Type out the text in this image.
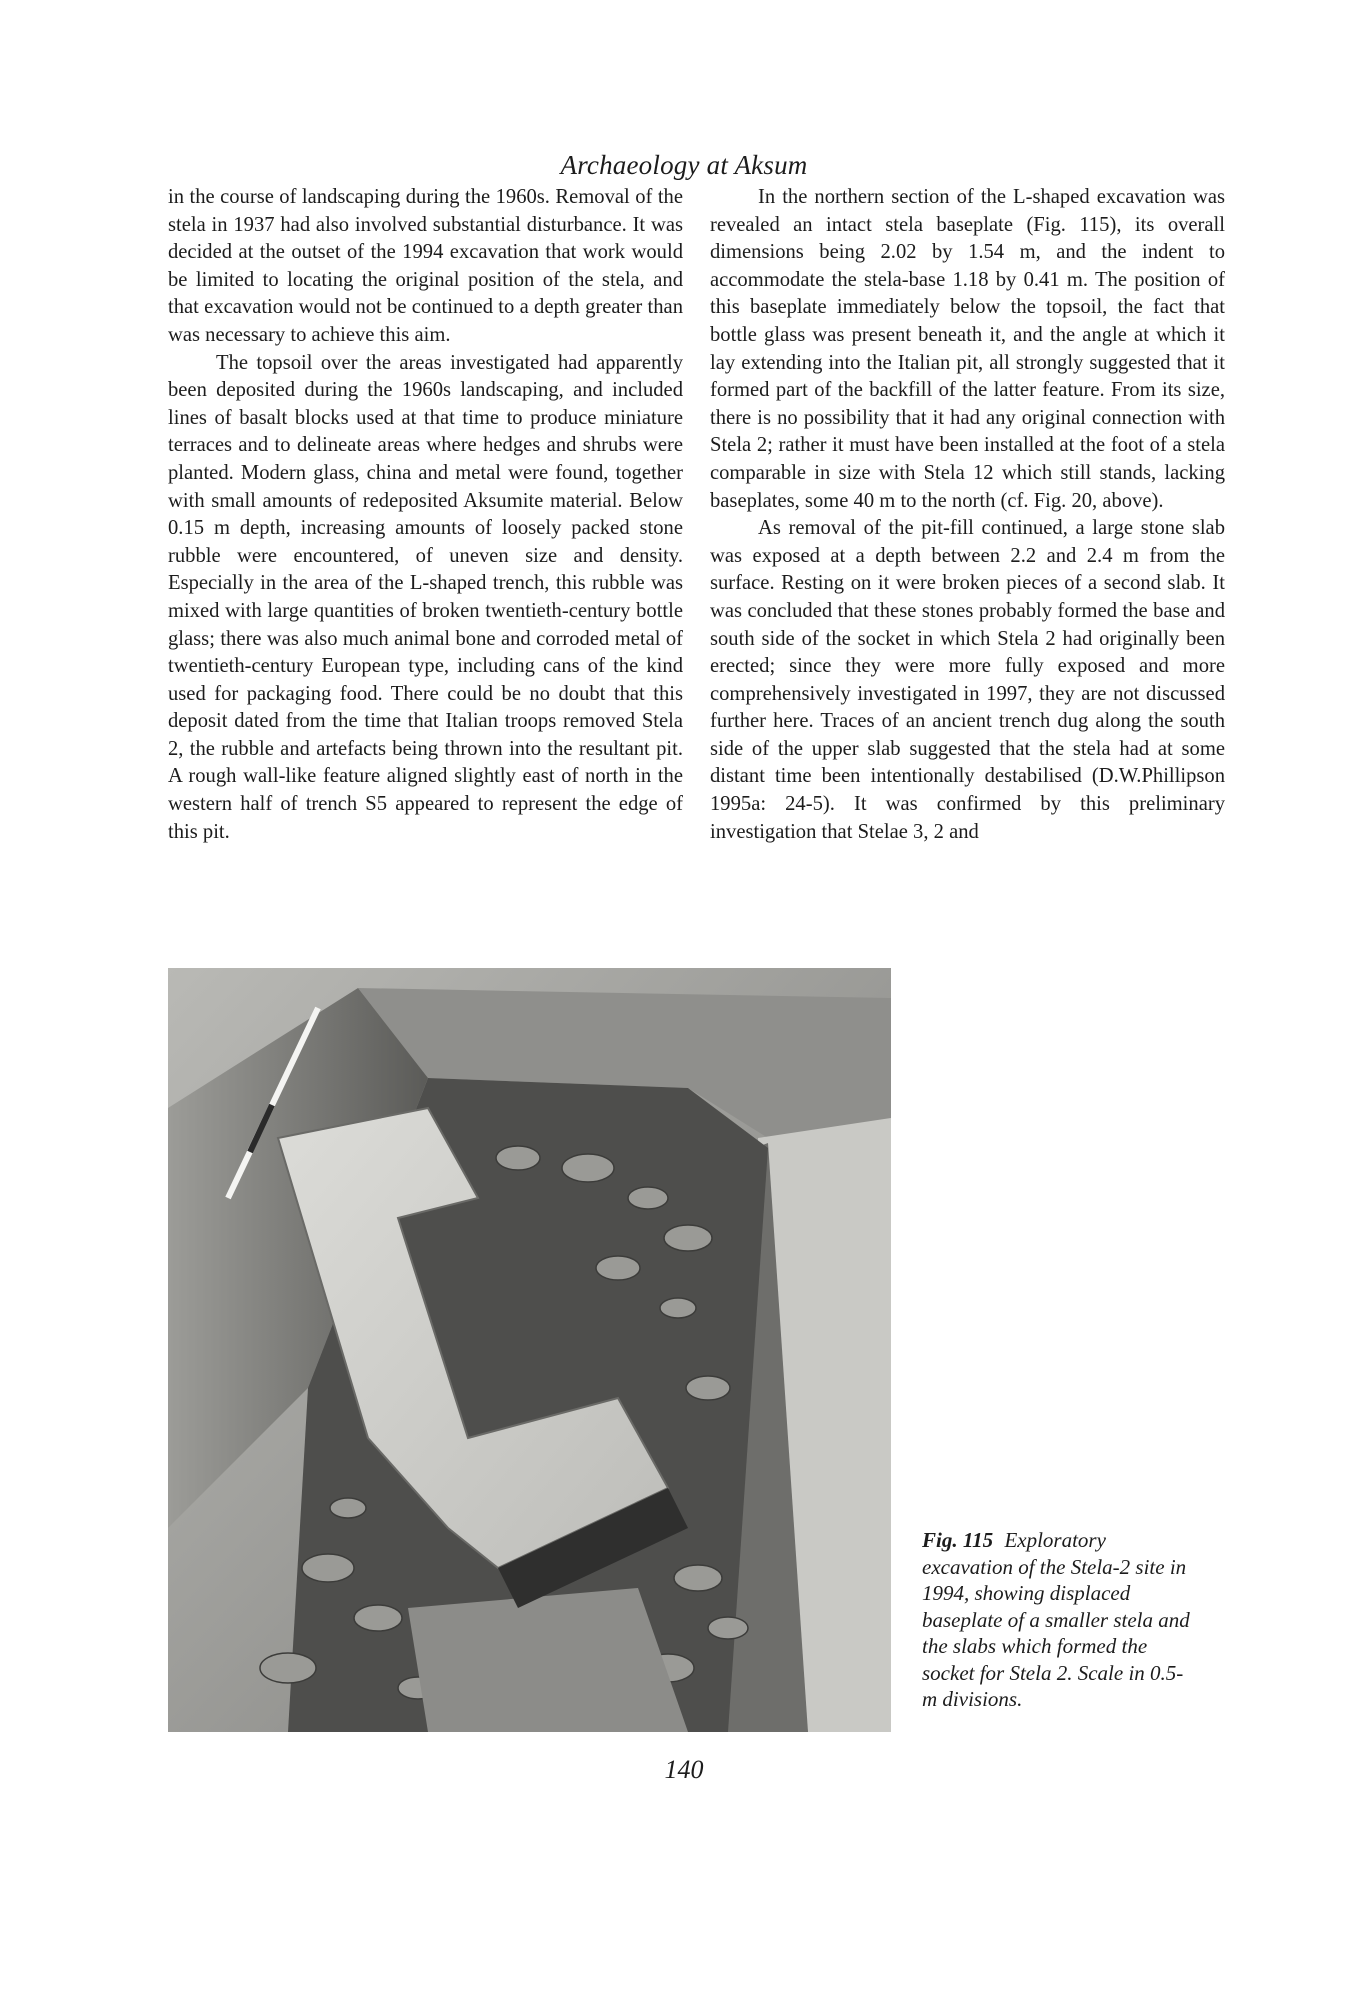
Archaeology at Aksum

in the course of landscaping during the 1960s. Removal of the stela in 1937 had also involved substantial disturbance. It was decided at the outset of the 1994 excavation that work would be limited to locating the original position of the stela, and that excavation would not be continued to a depth greater than was necessary to achieve this aim.

The topsoil over the areas investigated had apparently been deposited during the 1960s landscaping, and included lines of basalt blocks used at that time to produce miniature terraces and to delineate areas where hedges and shrubs were planted. Modern glass, china and metal were found, together with small amounts of redeposited Aksumite material. Below 0.15 m depth, increasing amounts of loosely packed stone rubble were encountered, of uneven size and density. Especially in the area of the L-shaped trench, this rubble was mixed with large quantities of broken twentieth-century bottle glass; there was also much animal bone and corroded metal of twentieth-century European type, including cans of the kind used for packaging food. There could be no doubt that this deposit dated from the time that Italian troops removed Stela 2, the rubble and artefacts being thrown into the resultant pit. A rough wall-like feature aligned slightly east of north in the western half of trench S5 appeared to represent the edge of this pit.

In the northern section of the L-shaped excavation was revealed an intact stela baseplate (Fig. 115), its overall dimensions being 2.02 by 1.54 m, and the indent to accommodate the stela-base 1.18 by 0.41 m. The position of this baseplate immediately below the topsoil, the fact that bottle glass was present beneath it, and the angle at which it lay extending into the Italian pit, all strongly suggested that it formed part of the backfill of the latter feature. From its size, there is no possibility that it had any original connection with Stela 2; rather it must have been installed at the foot of a stela comparable in size with Stela 12 which still stands, lacking baseplates, some 40 m to the north (cf. Fig. 20, above).

As removal of the pit-fill continued, a large stone slab was exposed at a depth between 2.2 and 2.4 m from the surface. Resting on it were broken pieces of a second slab. It was concluded that these stones probably formed the base and south side of the socket in which Stela 2 had originally been erected; since they were more fully exposed and more comprehensively investigated in 1997, they are not discussed further here. Traces of an ancient trench dug along the south side of the upper slab suggested that the stela had at some distant time been intentionally destabilised (D.W.Phillipson 1995a: 24-5). It was confirmed by this preliminary investigation that Stelae 3, 2 and

Fig. 115 Exploratory excavation of the Stela-2 site in 1994, showing displaced baseplate of a smaller stela and the slabs which formed the socket for Stela 2. Scale in 0.5-m divisions.
140
